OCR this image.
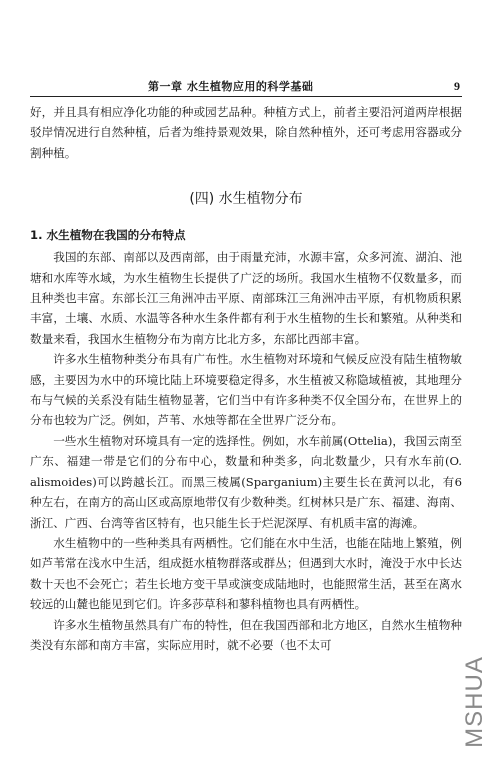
第一章 水生植物应用的科学基础	9

好，并且具有相应净化功能的种或园艺品种。种植方式上，前者主要沿河道两岸根据驳岸情况进行自然种植，后者为维持景观效果，除自然种植外，还可考虑用容器或分割种植。

(四) 水生植物分布
1. 水生植物在我国的分布特点

我国的东部、南部以及西南部，由于雨量充沛，水源丰富，众多河流、湖泊、池塘和水库等水域，为水生植物生长提供了广泛的场所。我国水生植物不仅数量多，而且种类也丰富。东部长江三角洲冲击平原、南部珠江三角洲冲击平原，有机物质积累丰富，土壤、水质、水温等各种水生条件都有利于水生植物的生长和繁殖。从种类和数量来看，我国水生植物分布为南方比北方多，东部比西部丰富。

许多水生植物种类分布具有广布性。水生植物对环境和气候反应没有陆生植物敏感，主要因为水中的环境比陆上环境要稳定得多，水生植被又称隐域植被，其地理分布与气候的关系没有陆生植物显著，它们当中有许多种类不仅全国分布，在世界上的分布也较为广泛。例如，芦苇、水烛等都在全世界广泛分布。

一些水生植物对环境具有一定的选择性。例如，水车前属(Ottelia)，我国云南至广东、福建一带是它们的分布中心，数量和种类多，向北数量少，只有水车前(O. alismoides)可以跨越长江。而黑三棱属(Sparganium)主要生长在黄河以北，有6种左右，在南方的高山区或高原地带仅有少数种类。红树林只是广东、福建、海南、浙江、广西、台湾等省区特有，也只能生长于烂泥深厚、有机质丰富的海滩。

水生植物中的一些种类具有两栖性。它们能在水中生活，也能在陆地上繁殖，例如芦苇常在浅水中生活，组成挺水植物群落或群丛；但遇到大水时，淹没于水中长达数十天也不会死亡；若生长地方变干旱或演变成陆地时，也能照常生活，甚至在离水较远的山麓也能见到它们。许多莎草科和蓼科植物也具有两栖性。

许多水生植物虽然具有广布的特性，但在我国西部和北方地区，自然水生植物种类没有东部和南方丰富，实际应用时，就不必要（也不太可

MSHUA
